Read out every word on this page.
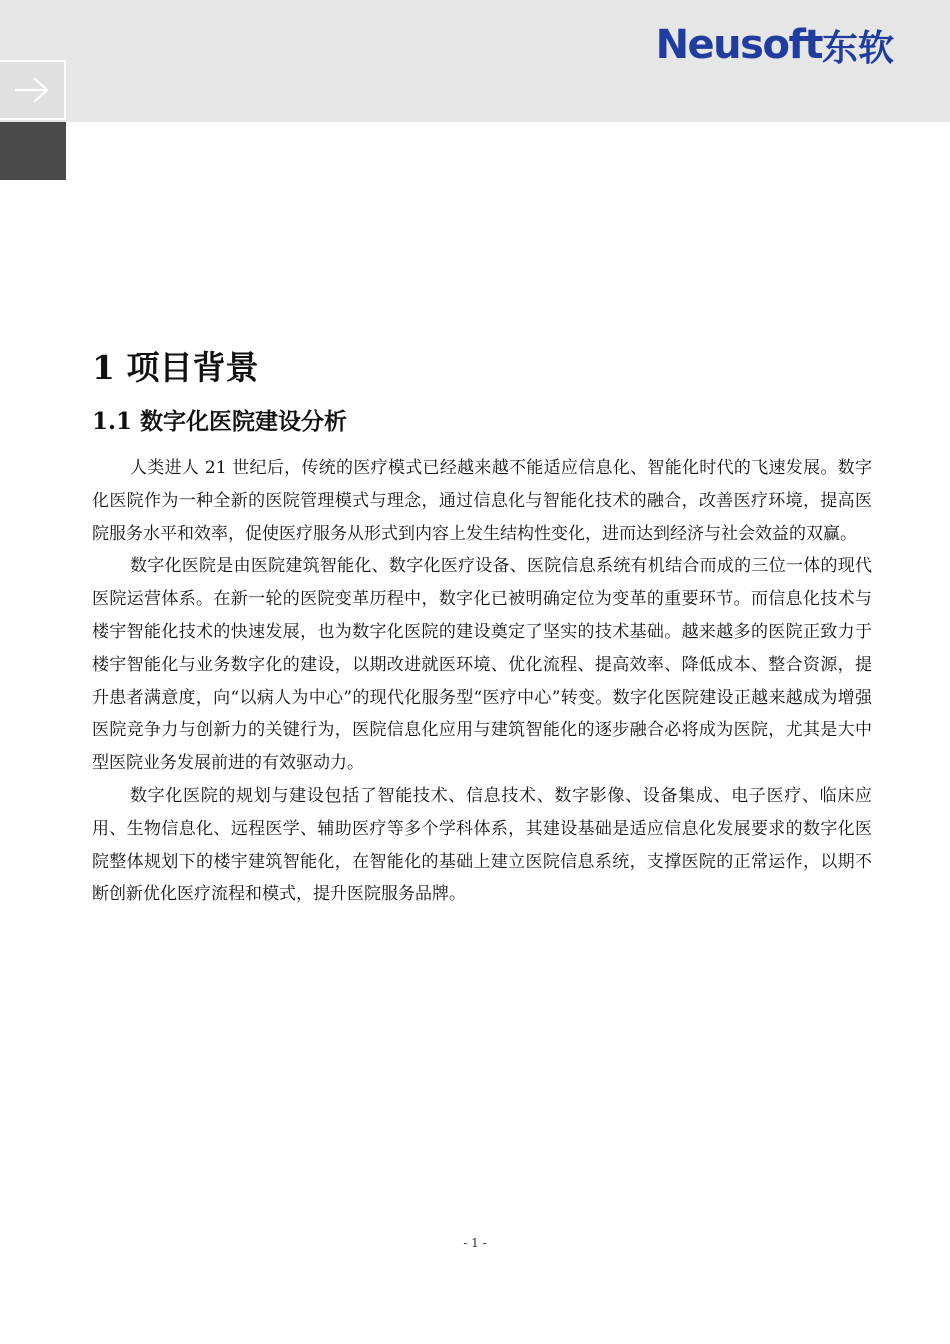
Neusoft 东软
1 项目背景
1.1 数字化医院建设分析

人类进人 21 世纪后，传统的医疗模式已经越来越不能适应信息化、智能化时代的飞速发展。数字化医院作为一种全新的医院管理模式与理念，通过信息化与智能化技术的融合，改善医疗环境，提高医院服务水平和效率，促使医疗服务从形式到内容上发生结构性变化，进而达到经济与社会效益的双赢。

数字化医院是由医院建筑智能化、数字化医疗设备、医院信息系统有机结合而成的三位一体的现代医院运营体系。在新一轮的医院变革历程中，数字化已被明确定位为变革的重要环节。而信息化技术与楼宇智能化技术的快速发展，也为数字化医院的建设奠定了坚实的技术基础。越来越多的医院正致力于楼宇智能化与业务数字化的建设，以期改进就医环境、优化流程、提高效率、降低成本、整合资源，提升患者满意度，向“以病人为中心”的现代化服务型“医疗中心”转变。数字化医院建设正越来越成为增强医院竞争力与创新力的关键行为，医院信息化应用与建筑智能化的逐步融合必将成为医院，尤其是大中型医院业务发展前进的有效驱动力。

数字化医院的规划与建设包括了智能技术、信息技术、数字影像、设备集成、电子医疗、临床应用、生物信息化、远程医学、辅助医疗等多个学科体系，其建设基础是适应信息化发展要求的数字化医院整体规划下的楼宇建筑智能化，在智能化的基础上建立医院信息系统，支撑医院的正常运作，以期不断创新优化医疗流程和模式，提升医院服务品牌。

- 1 -
